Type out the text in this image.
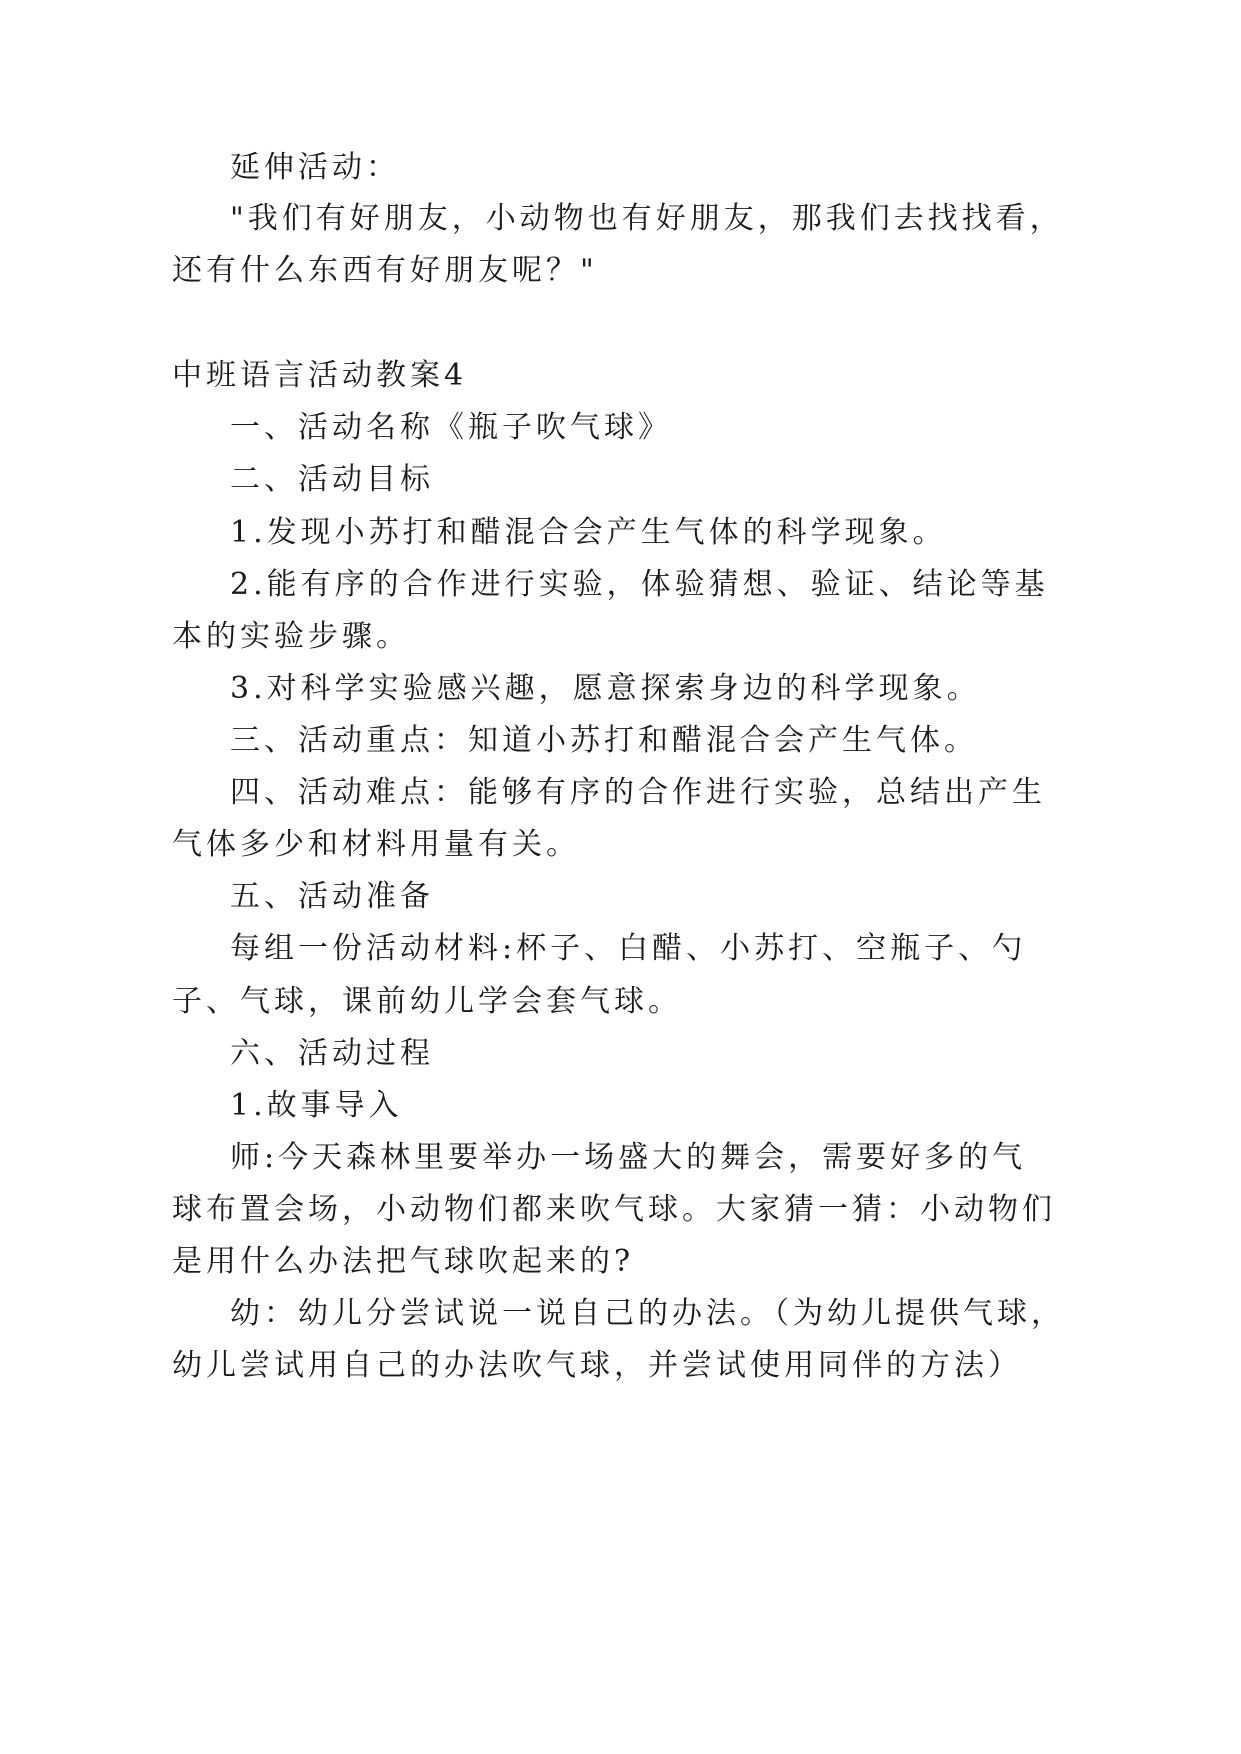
延伸活动：
"我们有好朋友，小动物也有好朋友，那我们去找找看，
还有什么东西有好朋友呢？"
中班语言活动教案4
一、活动名称《瓶子吹气球》
二、活动目标
1.发现小苏打和醋混合会产生气体的科学现象。
2.能有序的合作进行实验，体验猜想、验证、结论等基
本的实验步骤。
3.对科学实验感兴趣，愿意探索身边的科学现象。
三、活动重点：知道小苏打和醋混合会产生气体。
四、活动难点：能够有序的合作进行实验，总结出产生
气体多少和材料用量有关。
五、活动准备
每组一份活动材料:杯子、白醋、小苏打、空瓶子、勺
子、气球，课前幼儿学会套气球。
六、活动过程
1.故事导入
师:今天森林里要举办一场盛大的舞会，需要好多的气
球布置会场，小动物们都来吹气球。大家猜一猜：小动物们
是用什么办法把气球吹起来的?
幼：幼儿分尝试说一说自己的办法。（为幼儿提供气球，
幼儿尝试用自己的办法吹气球，并尝试使用同伴的方法）
